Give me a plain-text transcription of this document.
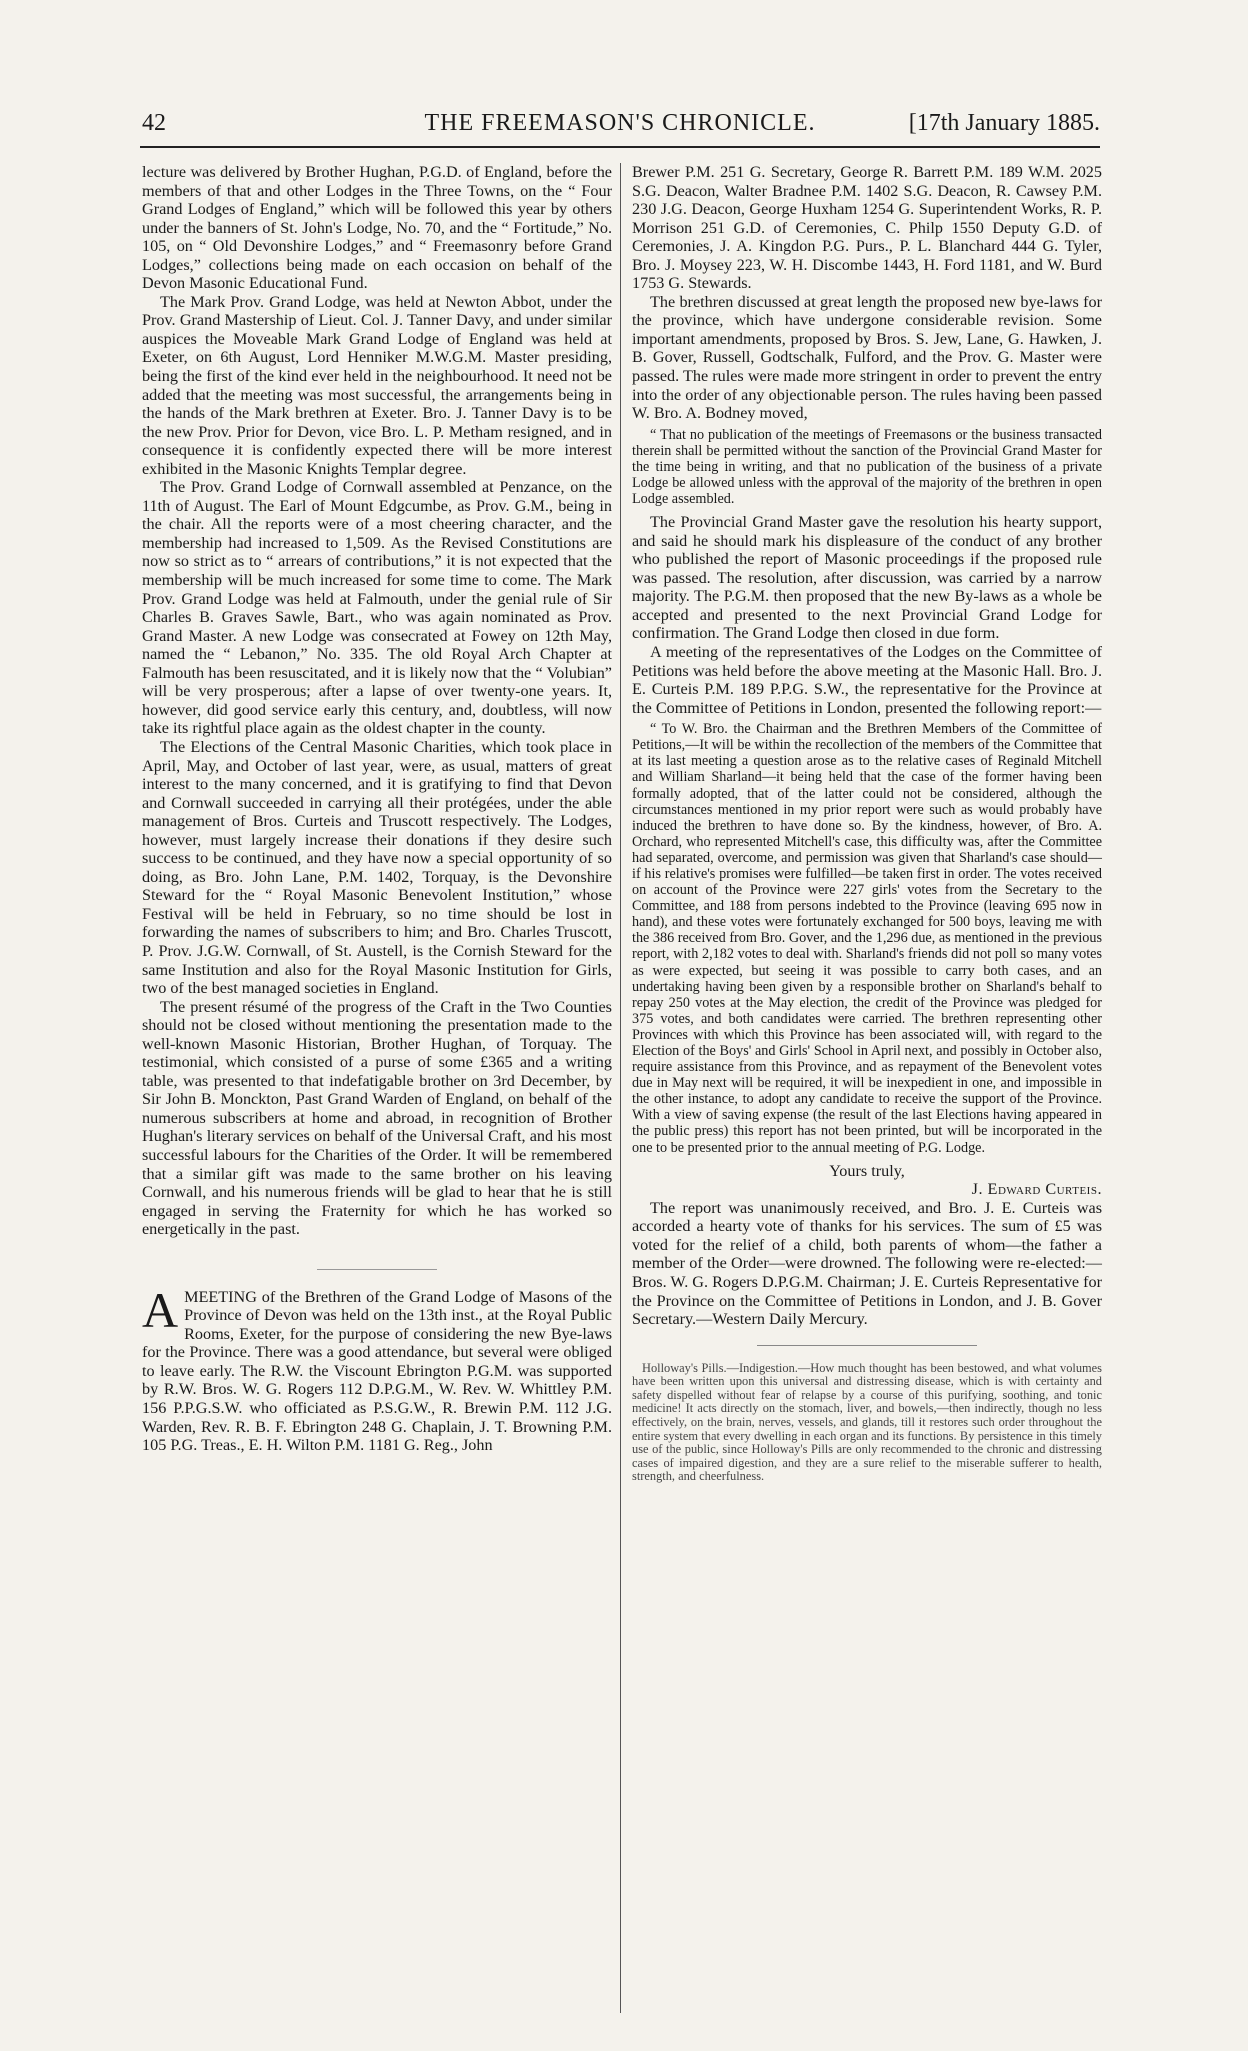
42	THE FREEMASON'S CHRONICLE.	[17th January 1885.

lecture was delivered by Brother Hughan, P.G.D. of England, before the members of that and other Lodges in the Three Towns, on the “ Four Grand Lodges of England,” which will be followed this year by others under the banners of St. John's Lodge, No. 70, and the “ Fortitude,” No. 105, on “ Old Devonshire Lodges,” and “ Freemasonry before Grand Lodges,” collections being made on each occasion on behalf of the Devon Masonic Educational Fund.

The Mark Prov. Grand Lodge, was held at Newton Abbot, under the Prov. Grand Mastership of Lieut. Col. J. Tanner Davy, and under similar auspices the Moveable Mark Grand Lodge of England was held at Exeter, on 6th August, Lord Henniker M.W.G.M. Master presiding, being the first of the kind ever held in the neighbourhood. It need not be added that the meeting was most successful, the arrangements being in the hands of the Mark brethren at Exeter. Bro. J. Tanner Davy is to be the new Prov. Prior for Devon, vice Bro. L. P. Metham resigned, and in consequence it is confidently expected there will be more interest exhibited in the Masonic Knights Templar degree.

The Prov. Grand Lodge of Cornwall assembled at Penzance, on the 11th of August. The Earl of Mount Edgcumbe, as Prov. G.M., being in the chair. All the reports were of a most cheering character, and the membership had increased to 1,509. As the Revised Constitutions are now so strict as to “ arrears of contributions,” it is not expected that the membership will be much increased for some time to come. The Mark Prov. Grand Lodge was held at Falmouth, under the genial rule of Sir Charles B. Graves Sawle, Bart., who was again nominated as Prov. Grand Master. A new Lodge was consecrated at Fowey on 12th May, named the “ Lebanon,” No. 335. The old Royal Arch Chapter at Falmouth has been resuscitated, and it is likely now that the “ Volubian” will be very prosperous; after a lapse of over twenty-one years. It, however, did good service early this century, and, doubtless, will now take its rightful place again as the oldest chapter in the county.

The Elections of the Central Masonic Charities, which took place in April, May, and October of last year, were, as usual, matters of great interest to the many concerned, and it is gratifying to find that Devon and Cornwall succeeded in carrying all their protégées, under the able management of Bros. Curteis and Truscott respectively. The Lodges, however, must largely increase their donations if they desire such success to be continued, and they have now a special opportunity of so doing, as Bro. John Lane, P.M. 1402, Torquay, is the Devonshire Steward for the “ Royal Masonic Benevolent Institution,” whose Festival will be held in February, so no time should be lost in forwarding the names of subscribers to him; and Bro. Charles Truscott, P. Prov. J.G.W. Cornwall, of St. Austell, is the Cornish Steward for the same Institution and also for the Royal Masonic Institution for Girls, two of the best managed societies in England.

The present résumé of the progress of the Craft in the Two Counties should not be closed without mentioning the presentation made to the well-known Masonic Historian, Brother Hughan, of Torquay. The testimonial, which consisted of a purse of some £365 and a writing table, was presented to that indefatigable brother on 3rd December, by Sir John B. Monckton, Past Grand Warden of England, on behalf of the numerous subscribers at home and abroad, in recognition of Brother Hughan's literary services on behalf of the Universal Craft, and his most successful labours for the Charities of the Order. It will be remembered that a similar gift was made to the same brother on his leaving Cornwall, and his numerous friends will be glad to hear that he is still engaged in serving the Fraternity for which he has worked so energetically in the past.

AMEETING of the Brethren of the Grand Lodge of Masons of the Province of Devon was held on the 13th inst., at the Royal Public Rooms, Exeter, for the purpose of considering the new Bye-laws for the Province. There was a good attendance, but several were obliged to leave early. The R.W. the Viscount Ebrington P.G.M. was supported by R.W. Bros. W. G. Rogers 112 D.P.G.M., W. Rev. W. Whittley P.M. 156 P.P.G.S.W. who officiated as P.S.G.W., R. Brewin P.M. 112 J.G. Warden, Rev. R. B. F. Ebrington 248 G. Chaplain, J. T. Browning P.M. 105 P.G. Treas., E. H. Wilton P.M. 1181 G. Reg., John

Brewer P.M. 251 G. Secretary, George R. Barrett P.M. 189 W.M. 2025 S.G. Deacon, Walter Bradnee P.M. 1402 S.G. Deacon, R. Cawsey P.M. 230 J.G. Deacon, George Huxham 1254 G. Superintendent Works, R. P. Morrison 251 G.D. of Ceremonies, C. Philp 1550 Deputy G.D. of Ceremonies, J. A. Kingdon P.G. Purs., P. L. Blanchard 444 G. Tyler, Bro. J. Moysey 223, W. H. Discombe 1443, H. Ford 1181, and W. Burd 1753 G. Stewards.

The brethren discussed at great length the proposed new bye-laws for the province, which have undergone considerable revision. Some important amendments, proposed by Bros. S. Jew, Lane, G. Hawken, J. B. Gover, Russell, Godtschalk, Fulford, and the Prov. G. Master were passed. The rules were made more stringent in order to prevent the entry into the order of any objectionable person. The rules having been passed W. Bro. A. Bodney moved,

“ That no publication of the meetings of Freemasons or the business transacted therein shall be permitted without the sanction of the Provincial Grand Master for the time being in writing, and that no publication of the business of a private Lodge be allowed unless with the approval of the majority of the brethren in open Lodge assembled.

The Provincial Grand Master gave the resolution his hearty support, and said he should mark his displeasure of the conduct of any brother who published the report of Masonic proceedings if the proposed rule was passed. The resolution, after discussion, was carried by a narrow majority. The P.G.M. then proposed that the new By-laws as a whole be accepted and presented to the next Provincial Grand Lodge for confirmation. The Grand Lodge then closed in due form.

A meeting of the representatives of the Lodges on the Committee of Petitions was held before the above meeting at the Masonic Hall. Bro. J. E. Curteis P.M. 189 P.P.G. S.W., the representative for the Province at the Committee of Petitions in London, presented the following report:—

“ To W. Bro. the Chairman and the Brethren Members of the Committee of Petitions,—It will be within the recollection of the members of the Committee that at its last meeting a question arose as to the relative cases of Reginald Mitchell and William Sharland—it being held that the case of the former having been formally adopted, that of the latter could not be considered, although the circumstances mentioned in my prior report were such as would probably have induced the brethren to have done so. By the kindness, however, of Bro. A. Orchard, who represented Mitchell's case, this difficulty was, after the Committee had separated, overcome, and permission was given that Sharland's case should—if his relative's promises were fulfilled—be taken first in order. The votes received on account of the Province were 227 girls' votes from the Secretary to the Committee, and 188 from persons indebted to the Province (leaving 695 now in hand), and these votes were fortunately exchanged for 500 boys, leaving me with the 386 received from Bro. Gover, and the 1,296 due, as mentioned in the previous report, with 2,182 votes to deal with. Sharland's friends did not poll so many votes as were expected, but seeing it was possible to carry both cases, and an undertaking having been given by a responsible brother on Sharland's behalf to repay 250 votes at the May election, the credit of the Province was pledged for 375 votes, and both candidates were carried. The brethren representing other Provinces with which this Province has been associated will, with regard to the Election of the Boys' and Girls' School in April next, and possibly in October also, require assistance from this Province, and as repayment of the Benevolent votes due in May next will be required, it will be inexpedient in one, and impossible in the other instance, to adopt any candidate to receive the support of the Province. With a view of saving expense (the result of the last Elections having appeared in the public press) this report has not been printed, but will be incorporated in the one to be presented prior to the annual meeting of P.G. Lodge.

Yours truly,

J. Edward Curteis.

The report was unanimously received, and Bro. J. E. Curteis was accorded a hearty vote of thanks for his services. The sum of £5 was voted for the relief of a child, both parents of whom—the father a member of the Order—were drowned. The following were re-elected:—Bros. W. G. Rogers D.P.G.M. Chairman; J. E. Curteis Representative for the Province on the Committee of Petitions in London, and J. B. Gover Secretary.—Western Daily Mercury.

Holloway's Pills.—Indigestion.—How much thought has been bestowed, and what volumes have been written upon this universal and distressing disease, which is with certainty and safety dispelled without fear of relapse by a course of this purifying, soothing, and tonic medicine! It acts directly on the stomach, liver, and bowels,—then indirectly, though no less effectively, on the brain, nerves, vessels, and glands, till it restores such order throughout the entire system that every dwelling in each organ and its functions. By persistence in this timely use of the public, since Holloway's Pills are only recommended to the chronic and distressing cases of impaired digestion, and they are a sure relief to the miserable sufferer to health, strength, and cheerfulness.
